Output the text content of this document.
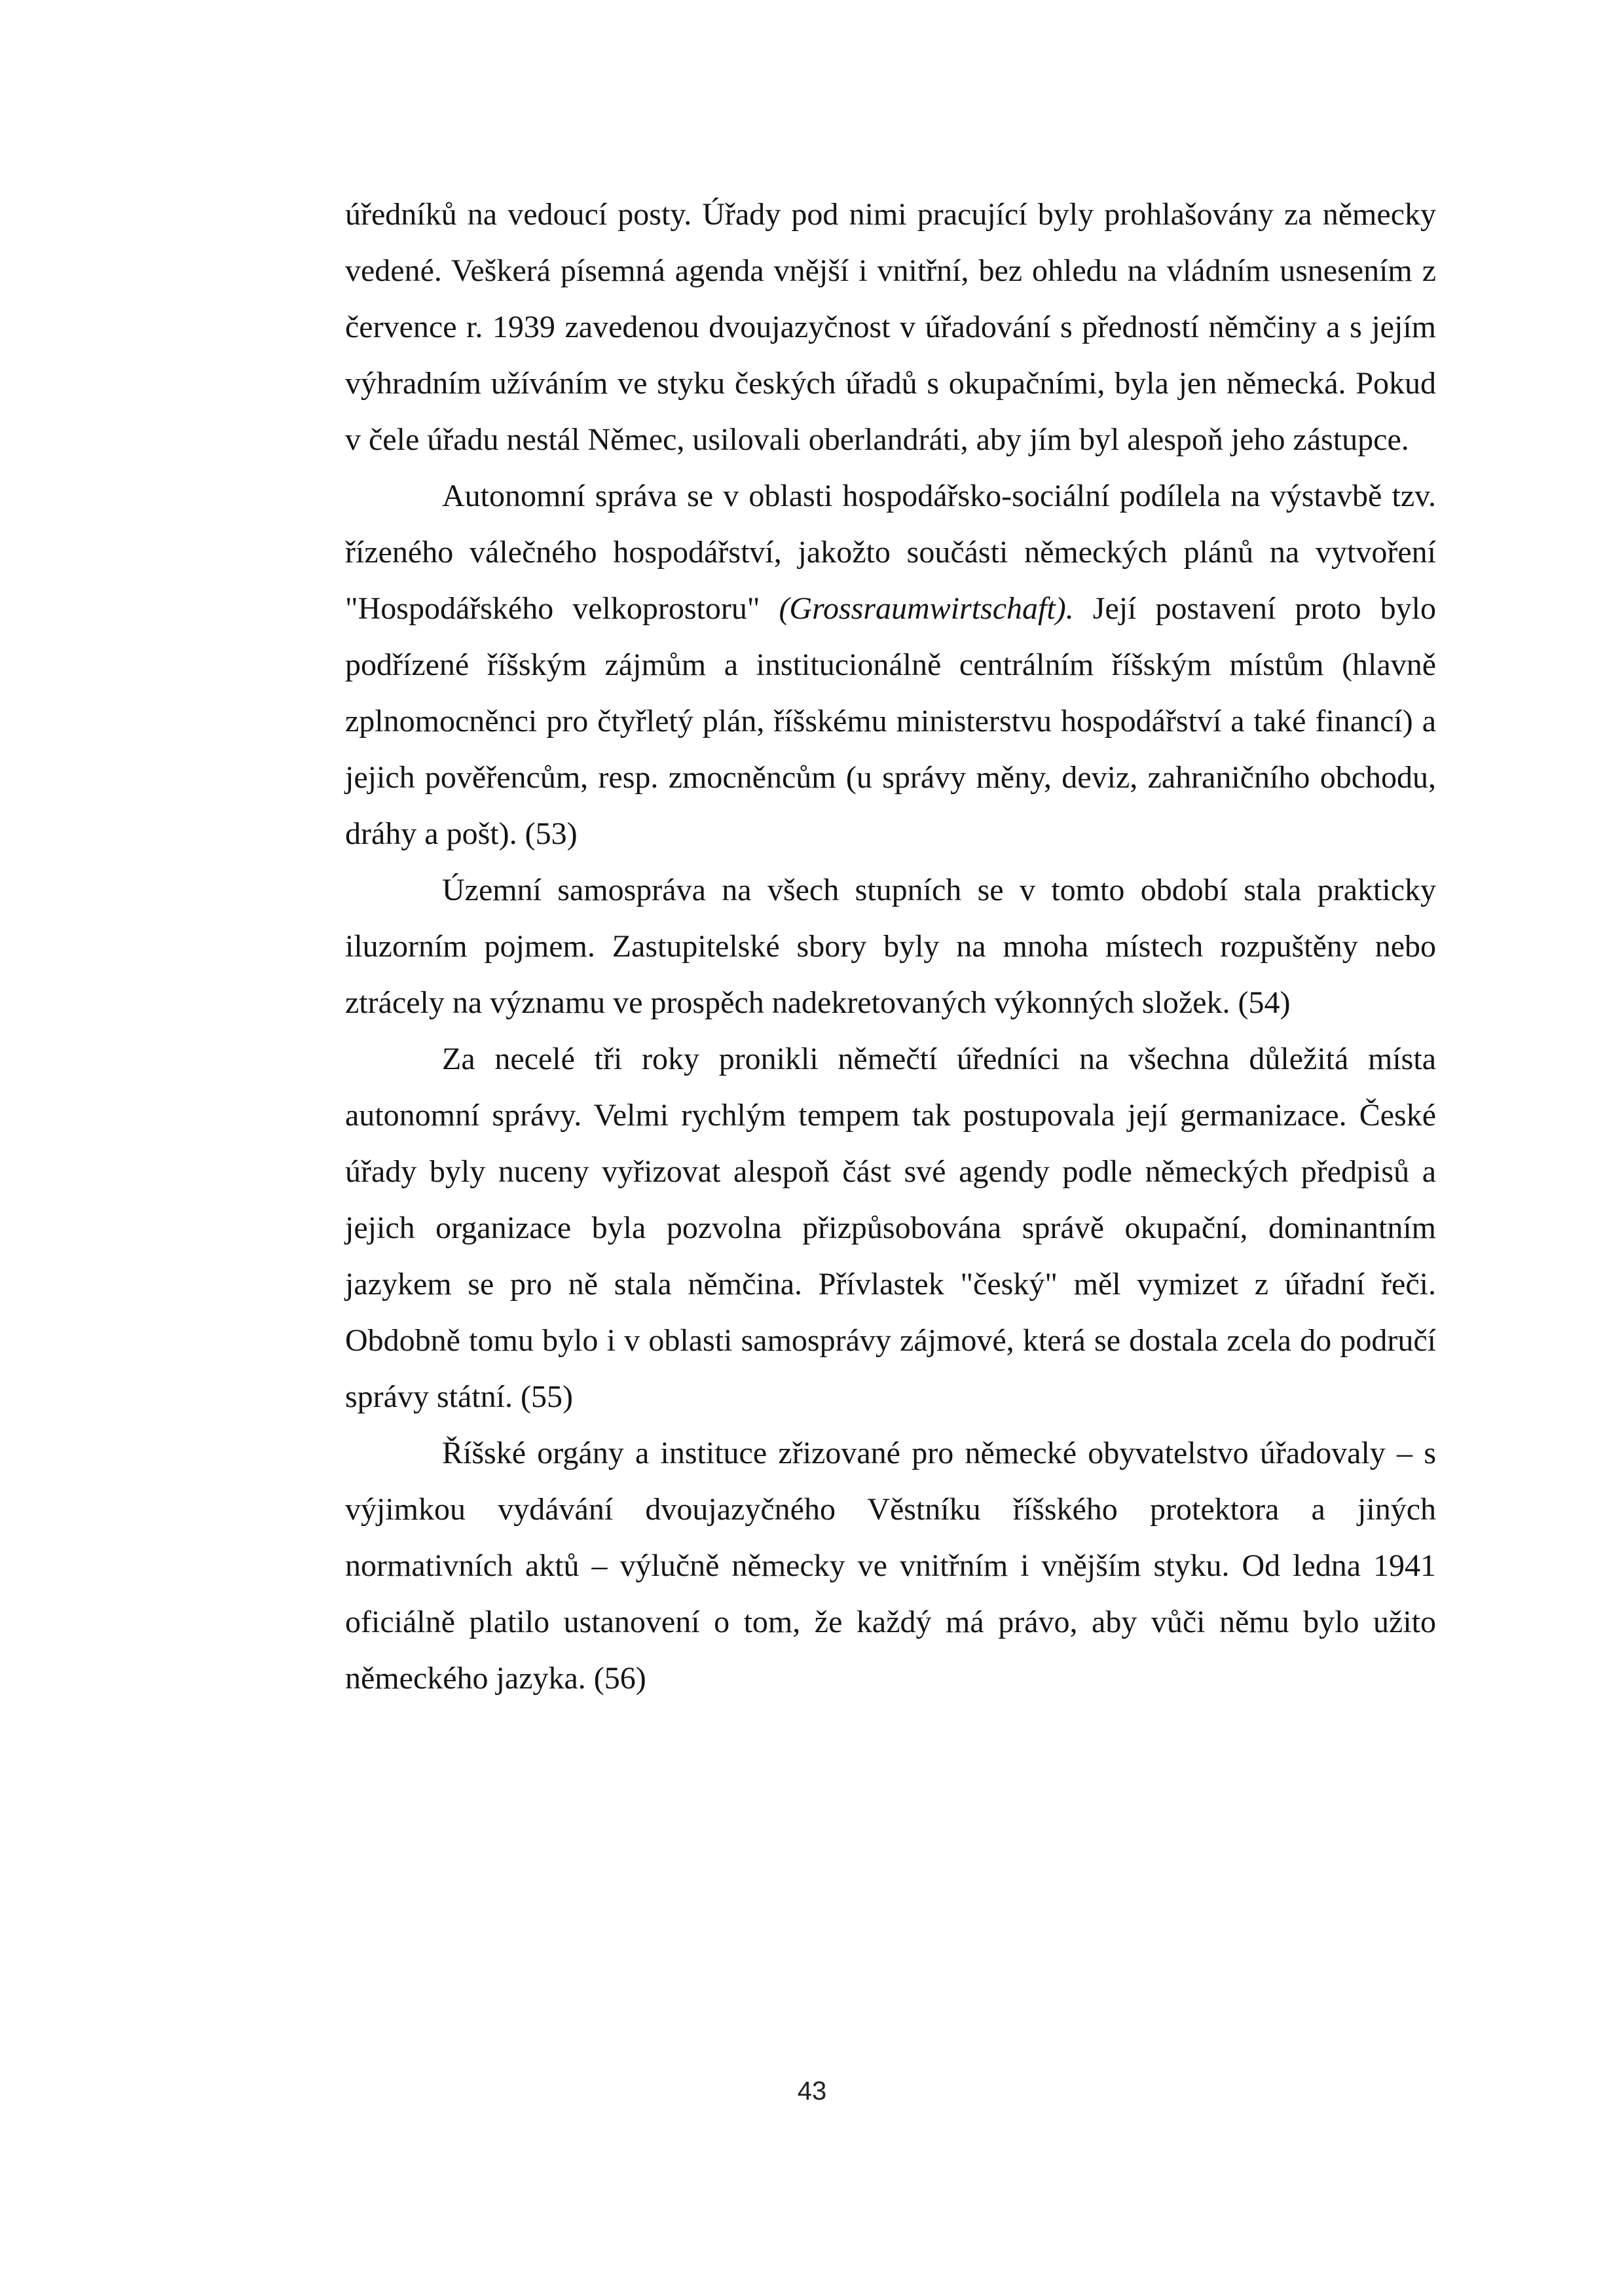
úředníků na vedoucí posty. Úřady pod nimi pracující byly prohlašovány za německy vedené. Veškerá písemná agenda vnější i vnitřní, bez ohledu na vládním usnesením z července r. 1939 zavedenou dvoujazyčnost v úřadování s předností němčiny a s jejím výhradním užíváním ve styku českých úřadů s okupačními, byla jen německá. Pokud v čele úřadu nestál Němec, usilovali oberlandráti, aby jím byl alespoň jeho zástupce.

Autonomní správa se v oblasti hospodářsko-sociální podílela na výstavbě tzv. řízeného válečného hospodářství, jakožto součásti německých plánů na vytvoření "Hospodářského velkoprostoru" (Grossraumwirtschaft). Její postavení proto bylo podřízené říšským zájmům a institucionálně centrálním říšským místům (hlavně zplnomocněnci pro čtyřletý plán, říšskému ministerstvu hospodářství a také financí) a jejich pověřencům, resp. zmocněncům (u správy měny, deviz, zahraničního obchodu, dráhy a pošt). (53)

Územní samospráva na všech stupních se v tomto období stala prakticky iluzorním pojmem. Zastupitelské sbory byly na mnoha místech rozpuštěny nebo ztrácely na významu ve prospěch nadekretovaných výkonných složek. (54)

Za necelé tři roky pronikli němečtí úředníci na všechna důležitá místa autonomní správy. Velmi rychlým tempem tak postupovala její germanizace. České úřady byly nuceny vyřizovat alespoň část své agendy podle německých předpisů a jejich organizace byla pozvolna přizpůsobována správě okupační, dominantním jazykem se pro ně stala němčina. Přívlastek "český" měl vymizet z úřadní řeči. Obdobně tomu bylo i v oblasti samosprávy zájmové, která se dostala zcela do područí správy státní. (55)

Říšské orgány a instituce zřizované pro německé obyvatelstvo úřadovaly – s výjimkou vydávání dvoujazyčného Věstníku říšského protektora a jiných normativních aktů – výlučně německy ve vnitřním i vnějším styku. Od ledna 1941 oficiálně platilo ustanovení o tom, že každý má právo, aby vůči němu bylo užito německého jazyka. (56)

43
